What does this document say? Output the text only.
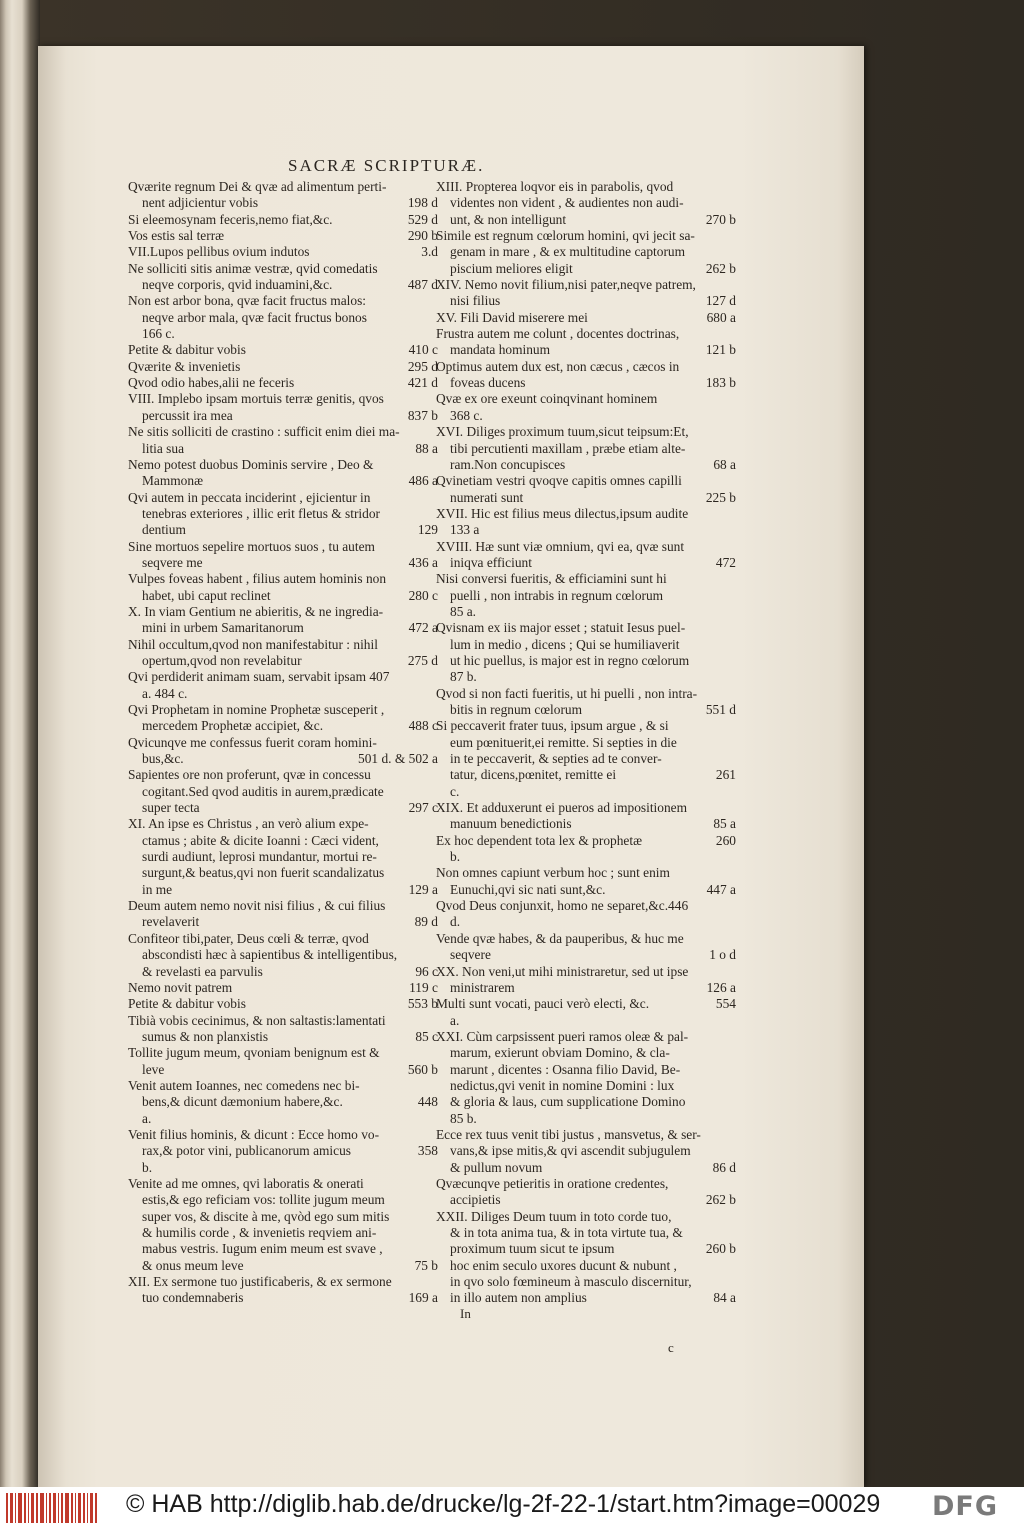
SACRÆ SCRIPTURÆ.
Qværite regnum Dei & qvæ ad alimentum perti-
nent adjicientur vobis	198 d
Si eleemosynam feceris,nemo fiat,&c.	529 d
Vos estis sal terræ	290 b
VII.Lupos pellibus ovium indutos	3.d
Ne solliciti sitis animæ vestræ, qvid comedatis
neqve corporis, qvid induamini,&c.	487 d
Non est arbor bona, qvæ facit fructus malos:
neqve arbor mala, qvæ facit fructus bonos
166 c.
Petite & dabitur vobis	410 c
Qværite & invenietis	295 d
Qvod odio habes,alii ne feceris	421 d
VIII. Implebo ipsam mortuis terræ genitis, qvos
percussit ira mea	837 b
Ne sitis solliciti de crastino : sufficit enim diei ma-
litia sua	88 a
Nemo potest duobus Dominis servire , Deo &
Mammonæ	486 a
Qvi autem in peccata inciderint , ejicientur in
tenebras exteriores , illic erit fletus & stridor
dentium	129
Sine mortuos sepelire mortuos suos , tu autem
seqvere me	436 a
Vulpes foveas habent , filius autem hominis non
habet, ubi caput reclinet	280 c
X. In viam Gentium ne abieritis, & ne ingredia-
mini in urbem Samaritanorum	472 a
Nihil occultum,qvod non manifestabitur : nihil
opertum,qvod non revelabitur	275 d
Qvi perdiderit animam suam, servabit ipsam 407
a. 484 c.
Qvi Prophetam in nomine Prophetæ susceperit ,
mercedem Prophetæ accipiet, &c.	488 c
Qvicunqve me confessus fuerit coram homini-
bus,&c.	501 d. & 502 a
Sapientes ore non proferunt, qvæ in concessu
cogitant.Sed qvod auditis in aurem,prædicate
super tecta	297 c
XI. An ipse es Christus , an verò alium expe-
ctamus ; abite & dicite Ioanni : Cæci vident,
surdi audiunt, leprosi mundantur, mortui re-
surgunt,& beatus,qvi non fuerit scandalizatus
in me	129 a
Deum autem nemo novit nisi filius , & cui filius
revelaverit	89 d
Confiteor tibi,pater, Deus cœli & terræ, qvod
abscondisti hæc à sapientibus & intelligentibus,
& revelasti ea parvulis	96 c
Nemo novit patrem	119 c
Petite & dabitur vobis	553 b
Tibià vobis cecinimus, & non saltastis:lamentati
sumus & non planxistis	85 c
Tollite jugum meum, qvoniam benignum est &
leve	560 b
Venit autem Ioannes, nec comedens nec bi-
bens,& dicunt dæmonium habere,&c.	448
a.
Venit filius hominis, & dicunt : Ecce homo vo-
rax,& potor vini, publicanorum amicus	358
b.
Venite ad me omnes, qvi laboratis & onerati
estis,& ego reficiam vos: tollite jugum meum
super vos, & discite à me, qvòd ego sum mitis
& humilis corde , & invenietis reqviem ani-
mabus vestris. Iugum enim meum est svave ,
& onus meum leve	75 b
XII. Ex sermone tuo justificaberis, & ex sermone
tuo condemnaberis	169 a
XIII. Propterea loqvor eis in parabolis, qvod
videntes non vident , & audientes non audi-
unt, & non intelligunt	270 b
Simile est regnum cœlorum homini, qvi jecit sa-
genam in mare , & ex multitudine captorum
piscium meliores eligit	262 b
XIV. Nemo novit filium,nisi pater,neqve patrem,
nisi filius	127 d
XV. Fili David miserere mei	680 a
Frustra autem me colunt , docentes doctrinas,
mandata hominum	121 b
Optimus autem dux est, non cæcus , cæcos in
foveas ducens	183 b
Qvæ ex ore exeunt coinqvinant hominem
368 c.
XVI. Diliges proximum tuum,sicut teipsum:Et,
tibi percutienti maxillam , præbe etiam alte-
ram.Non concupisces	68 a
Qvinetiam vestri qvoqve capitis omnes capilli
numerati sunt	225 b
XVII. Hic est filius meus dilectus,ipsum audite
133 a
XVIII. Hæ sunt viæ omnium, qvi ea, qvæ sunt
iniqva efficiunt	472
Nisi conversi fueritis, & efficiamini sunt hi
puelli , non intrabis in regnum cœlorum
85 a.
Qvisnam ex iis major esset ; statuit Iesus puel-
lum in medio , dicens ; Qui se humiliaverit
ut hic puellus, is major est in regno cœlorum
87 b.
Qvod si non facti fueritis, ut hi puelli , non intra-
bitis in regnum cœlorum	551 d
Si peccaverit frater tuus, ipsum argue , & si
eum pœnituerit,ei remitte. Si septies in die
in te peccaverit, & septies ad te conver-
tatur, dicens,pœnitet, remitte ei	261
c.
XIX. Et adduxerunt ei pueros ad impositionem
manuum benedictionis	85 a
Ex hoc dependent tota lex & prophetæ	260
b.
Non omnes capiunt verbum hoc ; sunt enim
Eunuchi,qvi sic nati sunt,&c.	447 a
Qvod Deus conjunxit, homo ne separet,&c.446
d.
Vende qvæ habes, & da pauperibus, & huc me
seqvere	1 o d
XX. Non veni,ut mihi ministraretur, sed ut ipse
ministrarem	126 a
Multi sunt vocati, pauci verò electi, &c.	554
a.
XXI. Cùm carpsissent pueri ramos oleæ & pal-
marum, exierunt obviam Domino, & cla-
marunt , dicentes : Osanna filio David, Be-
nedictus,qvi venit in nomine Domini : lux
& gloria & laus, cum supplicatione Domino
85 b.
Ecce rex tuus venit tibi justus , mansvetus, & ser-
vans,& ipse mitis,& qvi ascendit subjugulem
& pullum novum	86 d
Qvæcunqve petieritis in oratione credentes,
accipietis	262 b
XXII. Diliges Deum tuum in toto corde tuo,
& in tota anima tua, & in tota virtute tua, &
proximum tuum sicut te ipsum	260 b
hoc enim seculo uxores ducunt & nubunt ,
in qvo solo fœmineum à masculo discernitur,
in illo autem non amplius	84 a
In
c
© HAB http://diglib.hab.de/drucke/lg-2f-22-1/start.htm?image=00029 DFG
